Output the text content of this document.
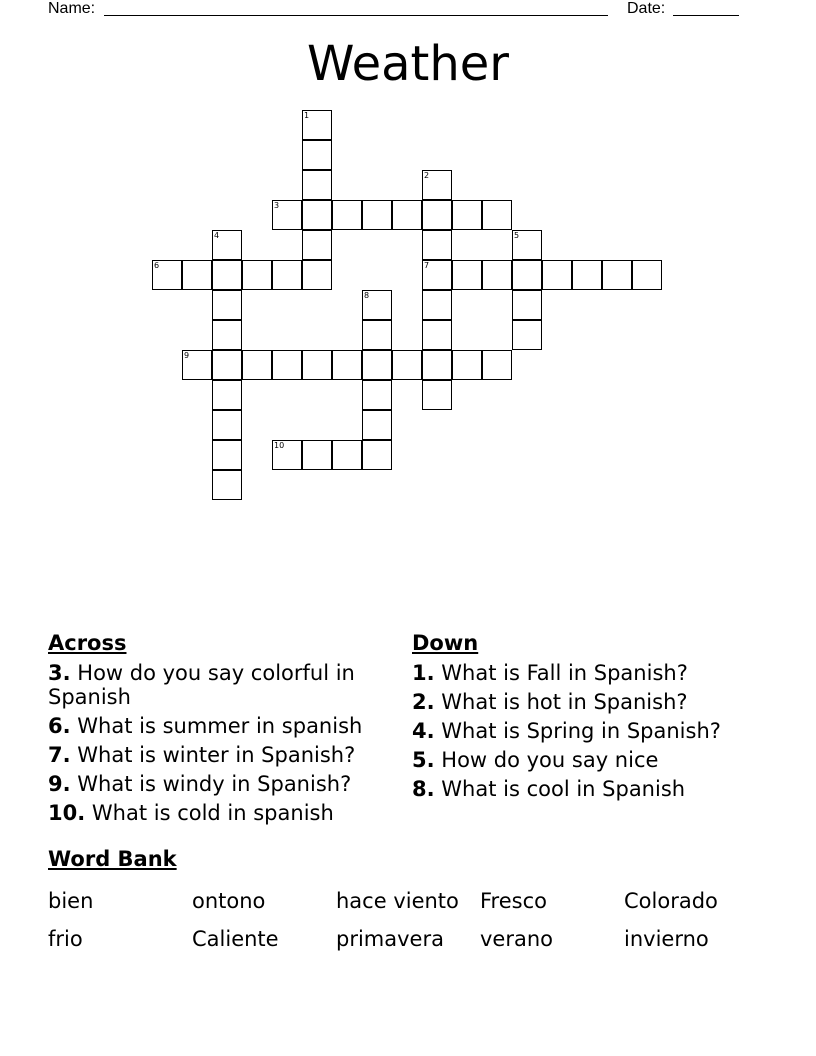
Name:	Date:
Weather
1
2
3
4	5
6	7
8
9
10
Across
3. How do you say colorful in Spanish
6. What is summer in spanish
7. What is winter in Spanish?
9. What is windy in Spanish?
10. What is cold in spanish
Down
1. What is Fall in Spanish?
2. What is hot in Spanish?
4. What is Spring in Spanish?
5. How do you say nice
8. What is cool in Spanish
Word Bank
bien	ontono	hace viento	Fresco	Colorado
frio	Caliente	primavera	verano	invierno
